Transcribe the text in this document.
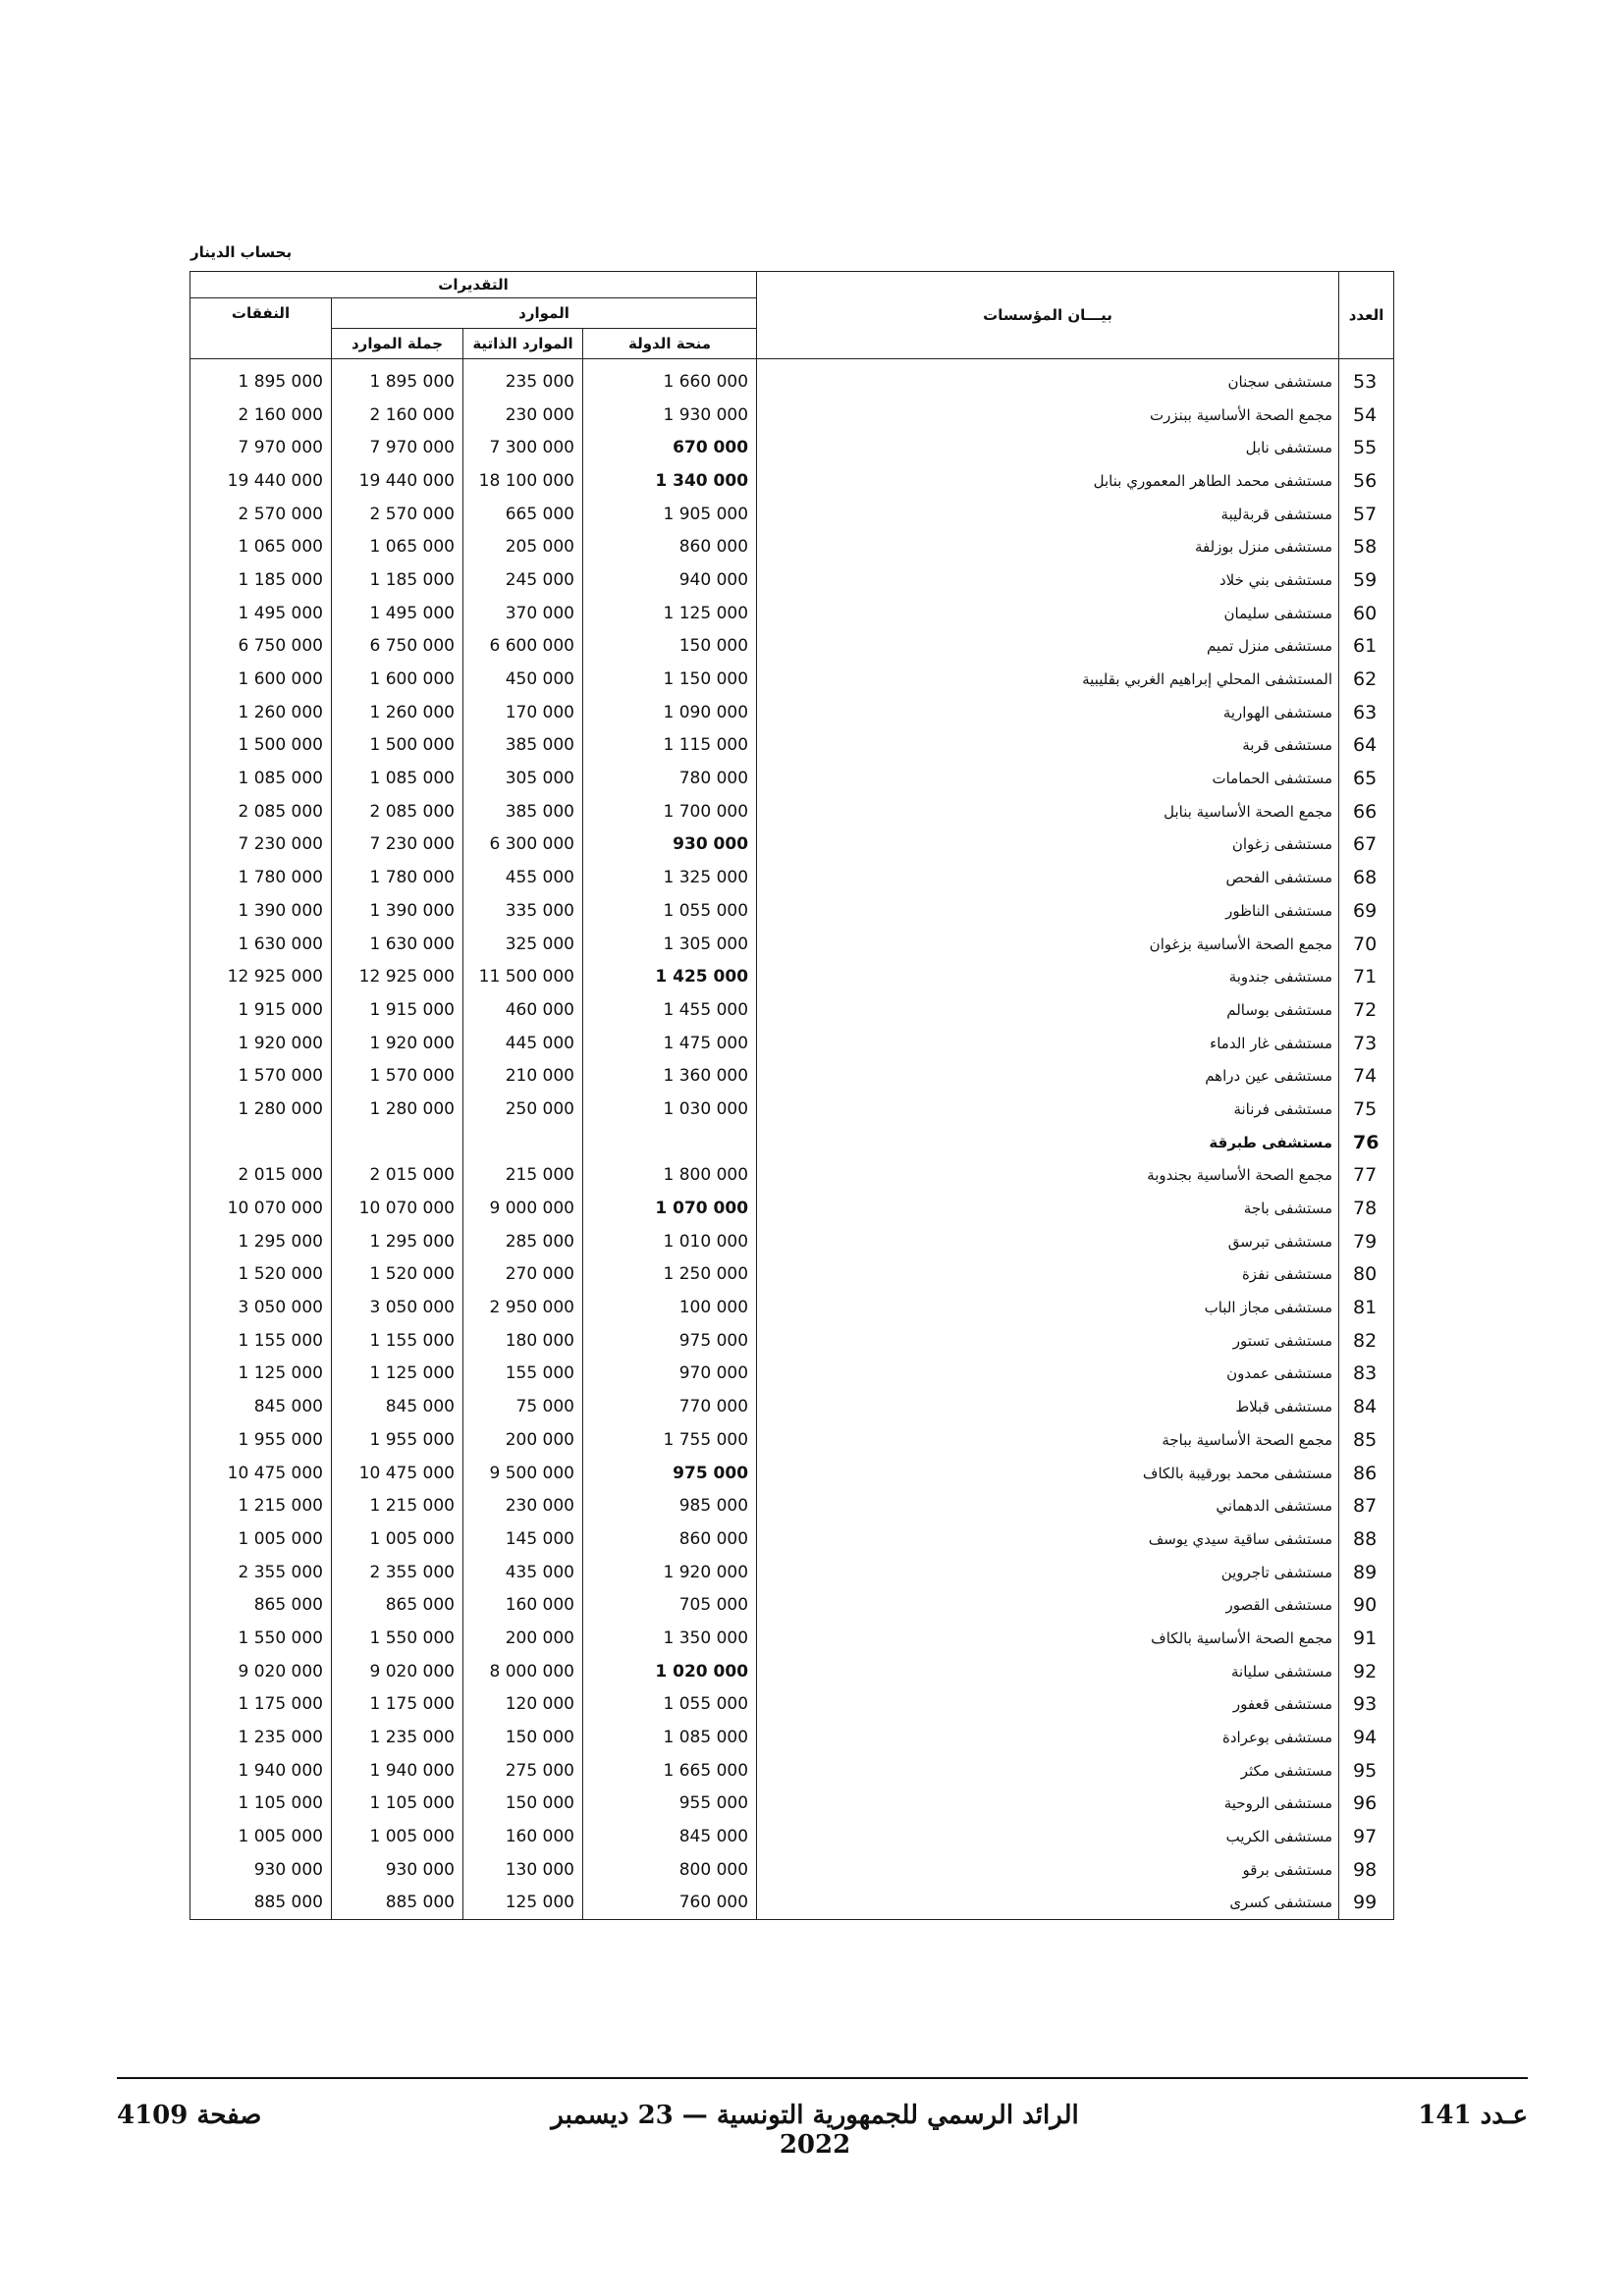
بحساب الدينار
التقديرات				بيـــان المؤسسات	العدد
النفقات	الموارد				
	جملة الموارد	الموارد الذاتية	منحة الدولة		
1 895 000	1 895 000	235 000	1 660 000	مستشفى سجنان	53
2 160 000	2 160 000	230 000	1 930 000	مجمع الصحة الأساسية ببنزرت	54
7 970 000	7 970 000	7 300 000	670 000	مستشفى نابل	55
19 440 000	19 440 000	18 100 000	1 340 000	مستشفى محمد الطاهر المعموري بنابل	56
2 570 000	2 570 000	665 000	1 905 000	مستشفى قربةليبة	57
1 065 000	1 065 000	205 000	860 000	مستشفى منزل بوزلفة	58
1 185 000	1 185 000	245 000	940 000	مستشفى بني خلاد	59
1 495 000	1 495 000	370 000	1 125 000	مستشفى سليمان	60
6 750 000	6 750 000	6 600 000	150 000	مستشفى منزل تميم	61
1 600 000	1 600 000	450 000	1 150 000	المستشفى المحلي إبراهيم الغربي بقليبية	62
1 260 000	1 260 000	170 000	1 090 000	مستشفى الهوارية	63
1 500 000	1 500 000	385 000	1 115 000	مستشفى قربة	64
1 085 000	1 085 000	305 000	780 000	مستشفى الحمامات	65
2 085 000	2 085 000	385 000	1 700 000	مجمع الصحة الأساسية بنابل	66
7 230 000	7 230 000	6 300 000	930 000	مستشفى زغوان	67
1 780 000	1 780 000	455 000	1 325 000	مستشفى الفحص	68
1 390 000	1 390 000	335 000	1 055 000	مستشفى الناظور	69
1 630 000	1 630 000	325 000	1 305 000	مجمع الصحة الأساسية بزغوان	70
12 925 000	12 925 000	11 500 000	1 425 000	مستشفى جندوبة	71
1 915 000	1 915 000	460 000	1 455 000	مستشفى بوسالم	72
1 920 000	1 920 000	445 000	1 475 000	مستشفى غار الدماء	73
1 570 000	1 570 000	210 000	1 360 000	مستشفى عين دراهم	74
1 280 000	1 280 000	250 000	1 030 000	مستشفى فرنانة	75
				مستشفى طبرقة	76
2 015 000	2 015 000	215 000	1 800 000	مجمع الصحة الأساسية بجندوبة	77
10 070 000	10 070 000	9 000 000	1 070 000	مستشفى باجة	78
1 295 000	1 295 000	285 000	1 010 000	مستشفى تبرسق	79
1 520 000	1 520 000	270 000	1 250 000	مستشفى نفزة	80
3 050 000	3 050 000	2 950 000	100 000	مستشفى مجاز الباب	81
1 155 000	1 155 000	180 000	975 000	مستشفى تستور	82
1 125 000	1 125 000	155 000	970 000	مستشفى عمدون	83
845 000	845 000	75 000	770 000	مستشفى قبلاط	84
1 955 000	1 955 000	200 000	1 755 000	مجمع الصحة الأساسية بباجة	85
10 475 000	10 475 000	9 500 000	975 000	مستشفى محمد بورقيبة بالكاف	86
1 215 000	1 215 000	230 000	985 000	مستشفى الدهماني	87
1 005 000	1 005 000	145 000	860 000	مستشفى ساقية سيدي يوسف	88
2 355 000	2 355 000	435 000	1 920 000	مستشفى تاجروين	89
865 000	865 000	160 000	705 000	مستشفى القصور	90
1 550 000	1 550 000	200 000	1 350 000	مجمع الصحة الأساسية بالكاف	91
9 020 000	9 020 000	8 000 000	1 020 000	مستشفى سليانة	92
1 175 000	1 175 000	120 000	1 055 000	مستشفى قعفور	93
1 235 000	1 235 000	150 000	1 085 000	مستشفى بوعرادة	94
1 940 000	1 940 000	275 000	1 665 000	مستشفى مكثر	95
1 105 000	1 105 000	150 000	955 000	مستشفى الروحية	96
1 005 000	1 005 000	160 000	845 000	مستشفى الكريب	97
930 000	930 000	130 000	800 000	مستشفى برقو	98
885 000	885 000	125 000	760 000	مستشفى كسرى	99
صفحة 4109	الرائد الرسمي للجمهورية التونسية — 23 ديسمبر 2022
عـدد 141
